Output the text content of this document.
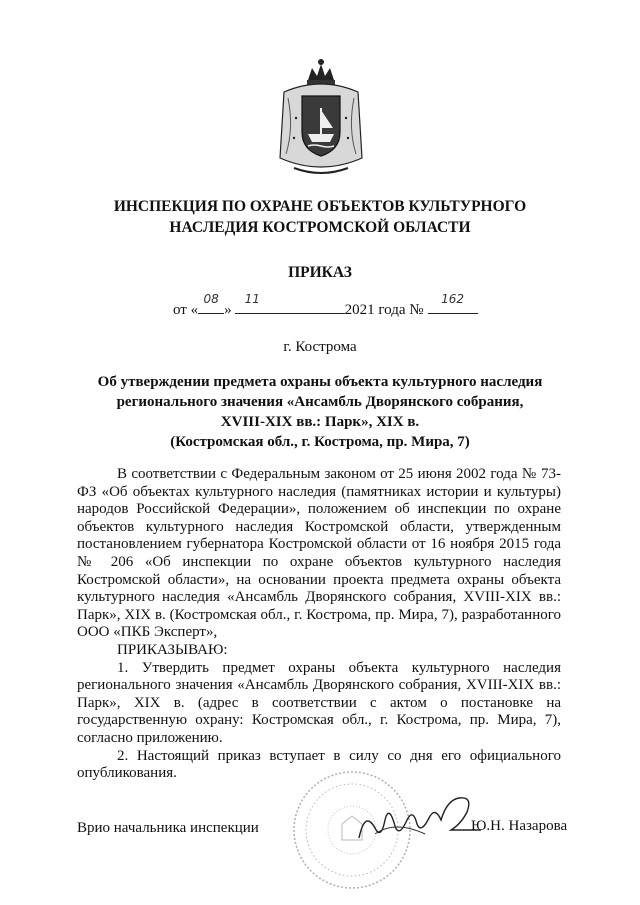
ИНСПЕКЦИЯ ПО ОХРАНЕ ОБЪЕКТОВ КУЛЬТУРНОГО
НАСЛЕДИЯ КОСТРОМСКОЙ ОБЛАСТИ
ПРИКАЗ
от «
08
»
11
2021 года №
162
г. Кострома
Об утверждении предмета охраны объекта культурного наследия
регионального значения «Ансамбль Дворянского собрания,
XVIII-XIX вв.: Парк», XIX в.
(Костромская обл., г. Кострома, пр. Мира, 7)

В соответствии с Федеральным законом от 25 июня 2002 года № 73-ФЗ «Об объектах культурного наследия (памятниках истории и культуры) народов Российской Федерации», положением об инспекции по охране объектов культурного наследия Костромской области, утвержденным постановлением губернатора Костромской области от 16 ноября 2015 года № 206 «Об инспекции по охране объектов культурного наследия Костромской области», на основании проекта предмета охраны объекта культурного наследия «Ансамбль Дворянского собрания, XVIII-XIX вв.: Парк», XIX в. (Костромская обл., г. Кострома, пр. Мира, 7), разработанного ООО «ПКБ Эксперт»,

ПРИКАЗЫВАЮ:

1. Утвердить предмет охраны объекта культурного наследия регионального значения «Ансамбль Дворянского собрания, XVIII-XIX вв.: Парк», XIX в. (адрес в соответствии с актом о постановке на государственную охрану: Костромская обл., г. Кострома, пр. Мира, 7), согласно приложению.

2. Настоящий приказ вступает в силу со дня его официального опубликования.

Врио начальника инспекции	Ю.Н. Назарова
